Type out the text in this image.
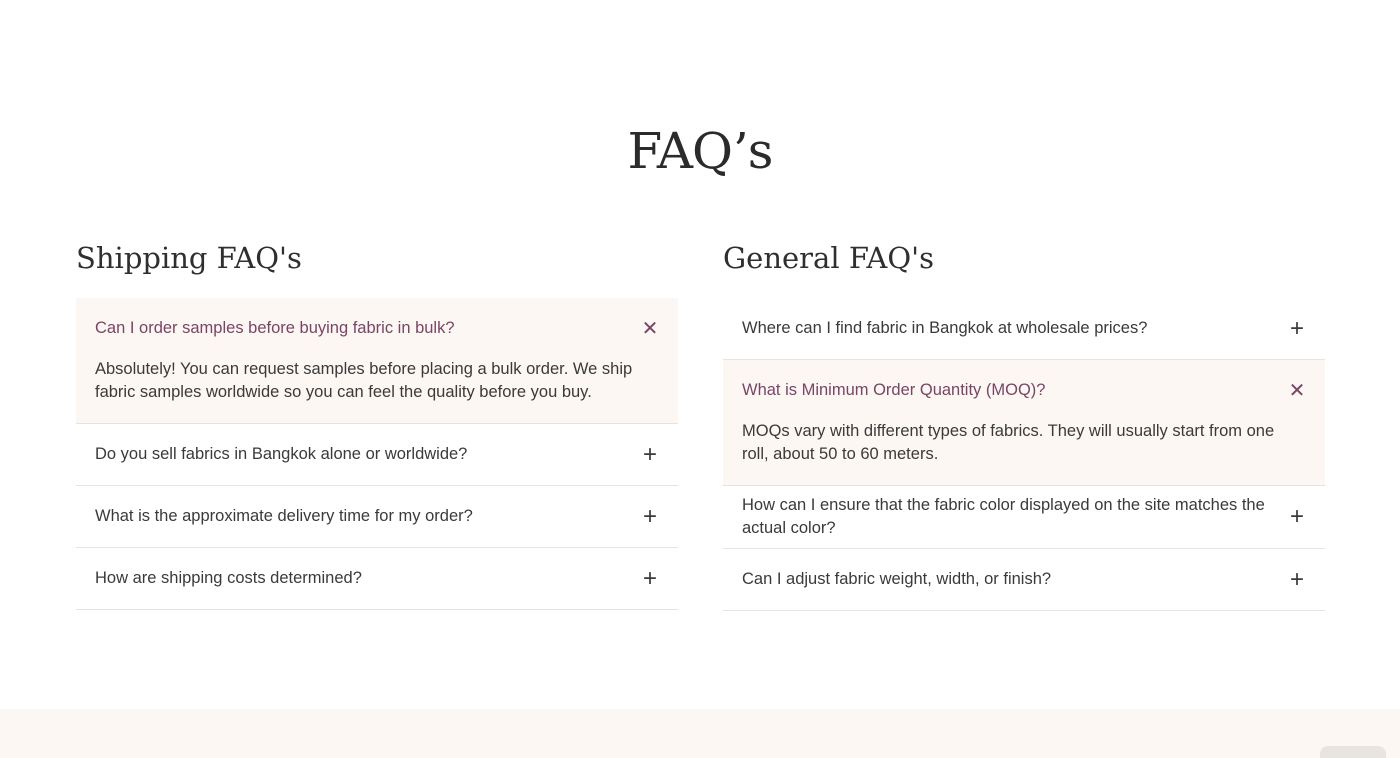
FAQ’s
Shipping FAQ's
Can I order samples before buying fabric in bulk?	✕
Absolutely! You can request samples before placing a bulk order. We ship fabric samples worldwide so you can feel the quality before you buy.
Do you sell fabrics in Bangkok alone or worldwide?	+
What is the approximate delivery time for my order?	+
How are shipping costs determined?	+
General FAQ's
Where can I find fabric in Bangkok at wholesale prices?	+
What is Minimum Order Quantity (MOQ)?	✕
MOQs vary with different types of fabrics. They will usually start from one roll, about 50 to 60 meters.
How can I ensure that the fabric color displayed on the site matches the actual color?	+
Can I adjust fabric weight, width, or finish?	+
